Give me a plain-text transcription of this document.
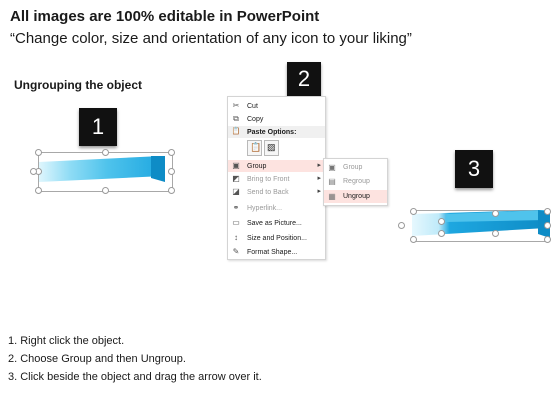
All images are 100% editable in PowerPoint
“Change color, size and orientation of any icon to your liking”
Ungrouping the object
1
2
✂ Cut
⧉	Copy
📋 Paste Options:
📋 ▨
▣ Group	▸
◩ Bring to Front	▸
◪ Send to Back	▸
⚭ Hyperlink...
▭ Save as Picture...
↕	Size and Position...
✎ Format Shape...
▣ Group
▤ Regroup
▦ Ungroup
3
1. Right click the object.
2. Choose Group and then Ungroup.
3. Click beside the object and drag the arrow over it.
